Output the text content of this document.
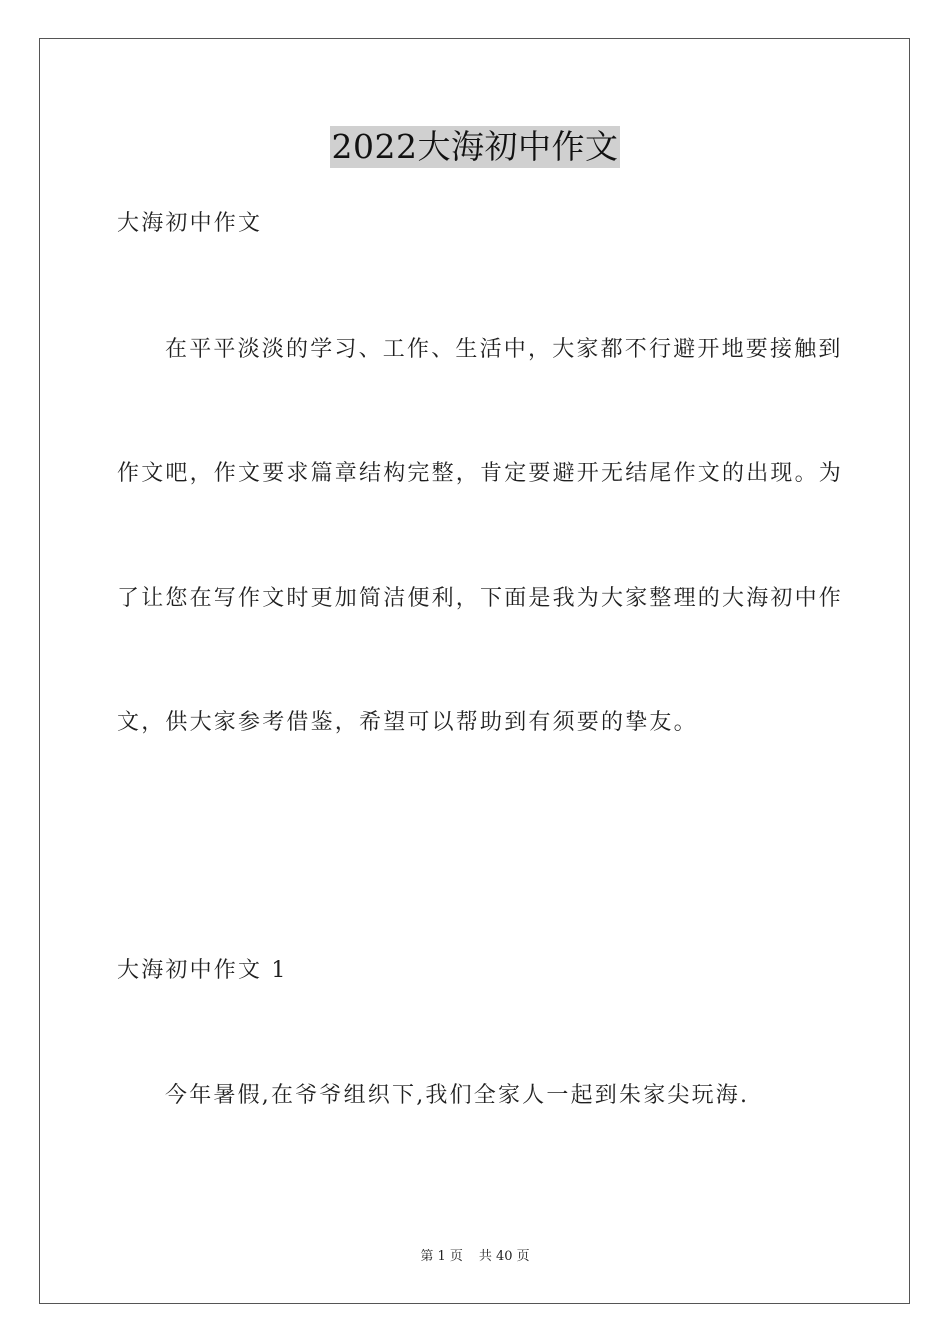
2022大海初中作文
大海初中作文
在平平淡淡的学习、工作、生活中，大家都不行避开地要接触到
作文吧，作文要求篇章结构完整，肯定要避开无结尾作文的出现。为
了让您在写作文时更加简洁便利，下面是我为大家整理的大海初中作
文，供大家参考借鉴，希望可以帮助到有须要的挚友。
大海初中作文 1
今年暑假,在爷爷组织下,我们全家人一起到朱家尖玩海.
第 1 页 共 40 页
